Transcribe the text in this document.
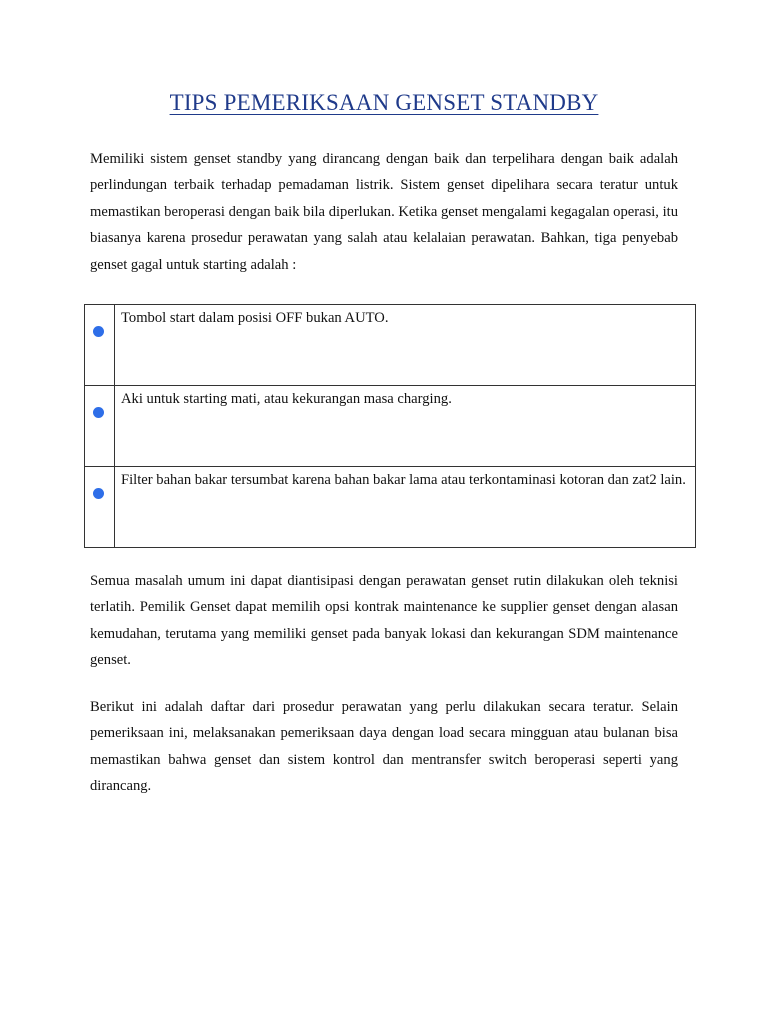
TIPS PEMERIKSAAN GENSET STANDBY
Memiliki sistem genset standby yang dirancang dengan baik dan terpelihara dengan baik adalah perlindungan terbaik terhadap pemadaman listrik. Sistem genset dipelihara secara teratur untuk memastikan beroperasi dengan baik bila diperlukan. Ketika genset mengalami kegagalan operasi, itu biasanya karena prosedur perawatan yang salah atau kelalaian perawatan. Bahkan, tiga penyebab genset gagal untuk starting adalah :
	Tombol start dalam posisi OFF bukan AUTO.

	Aki untuk starting mati, atau kekurangan masa charging.

	Filter bahan bakar tersumbat karena bahan bakar lama atau terkontaminasi kotoran dan zat2 lain.
Semua masalah umum ini dapat diantisipasi dengan perawatan genset rutin dilakukan oleh teknisi terlatih. Pemilik Genset dapat memilih opsi kontrak maintenance ke supplier genset dengan alasan kemudahan, terutama yang memiliki genset pada banyak lokasi dan kekurangan SDM maintenance genset.
Berikut ini adalah daftar dari prosedur perawatan yang perlu dilakukan secara teratur. Selain pemeriksaan ini, melaksanakan pemeriksaan daya dengan load secara mingguan atau bulanan bisa memastikan bahwa genset dan sistem kontrol dan mentransfer switch beroperasi seperti yang dirancang.
